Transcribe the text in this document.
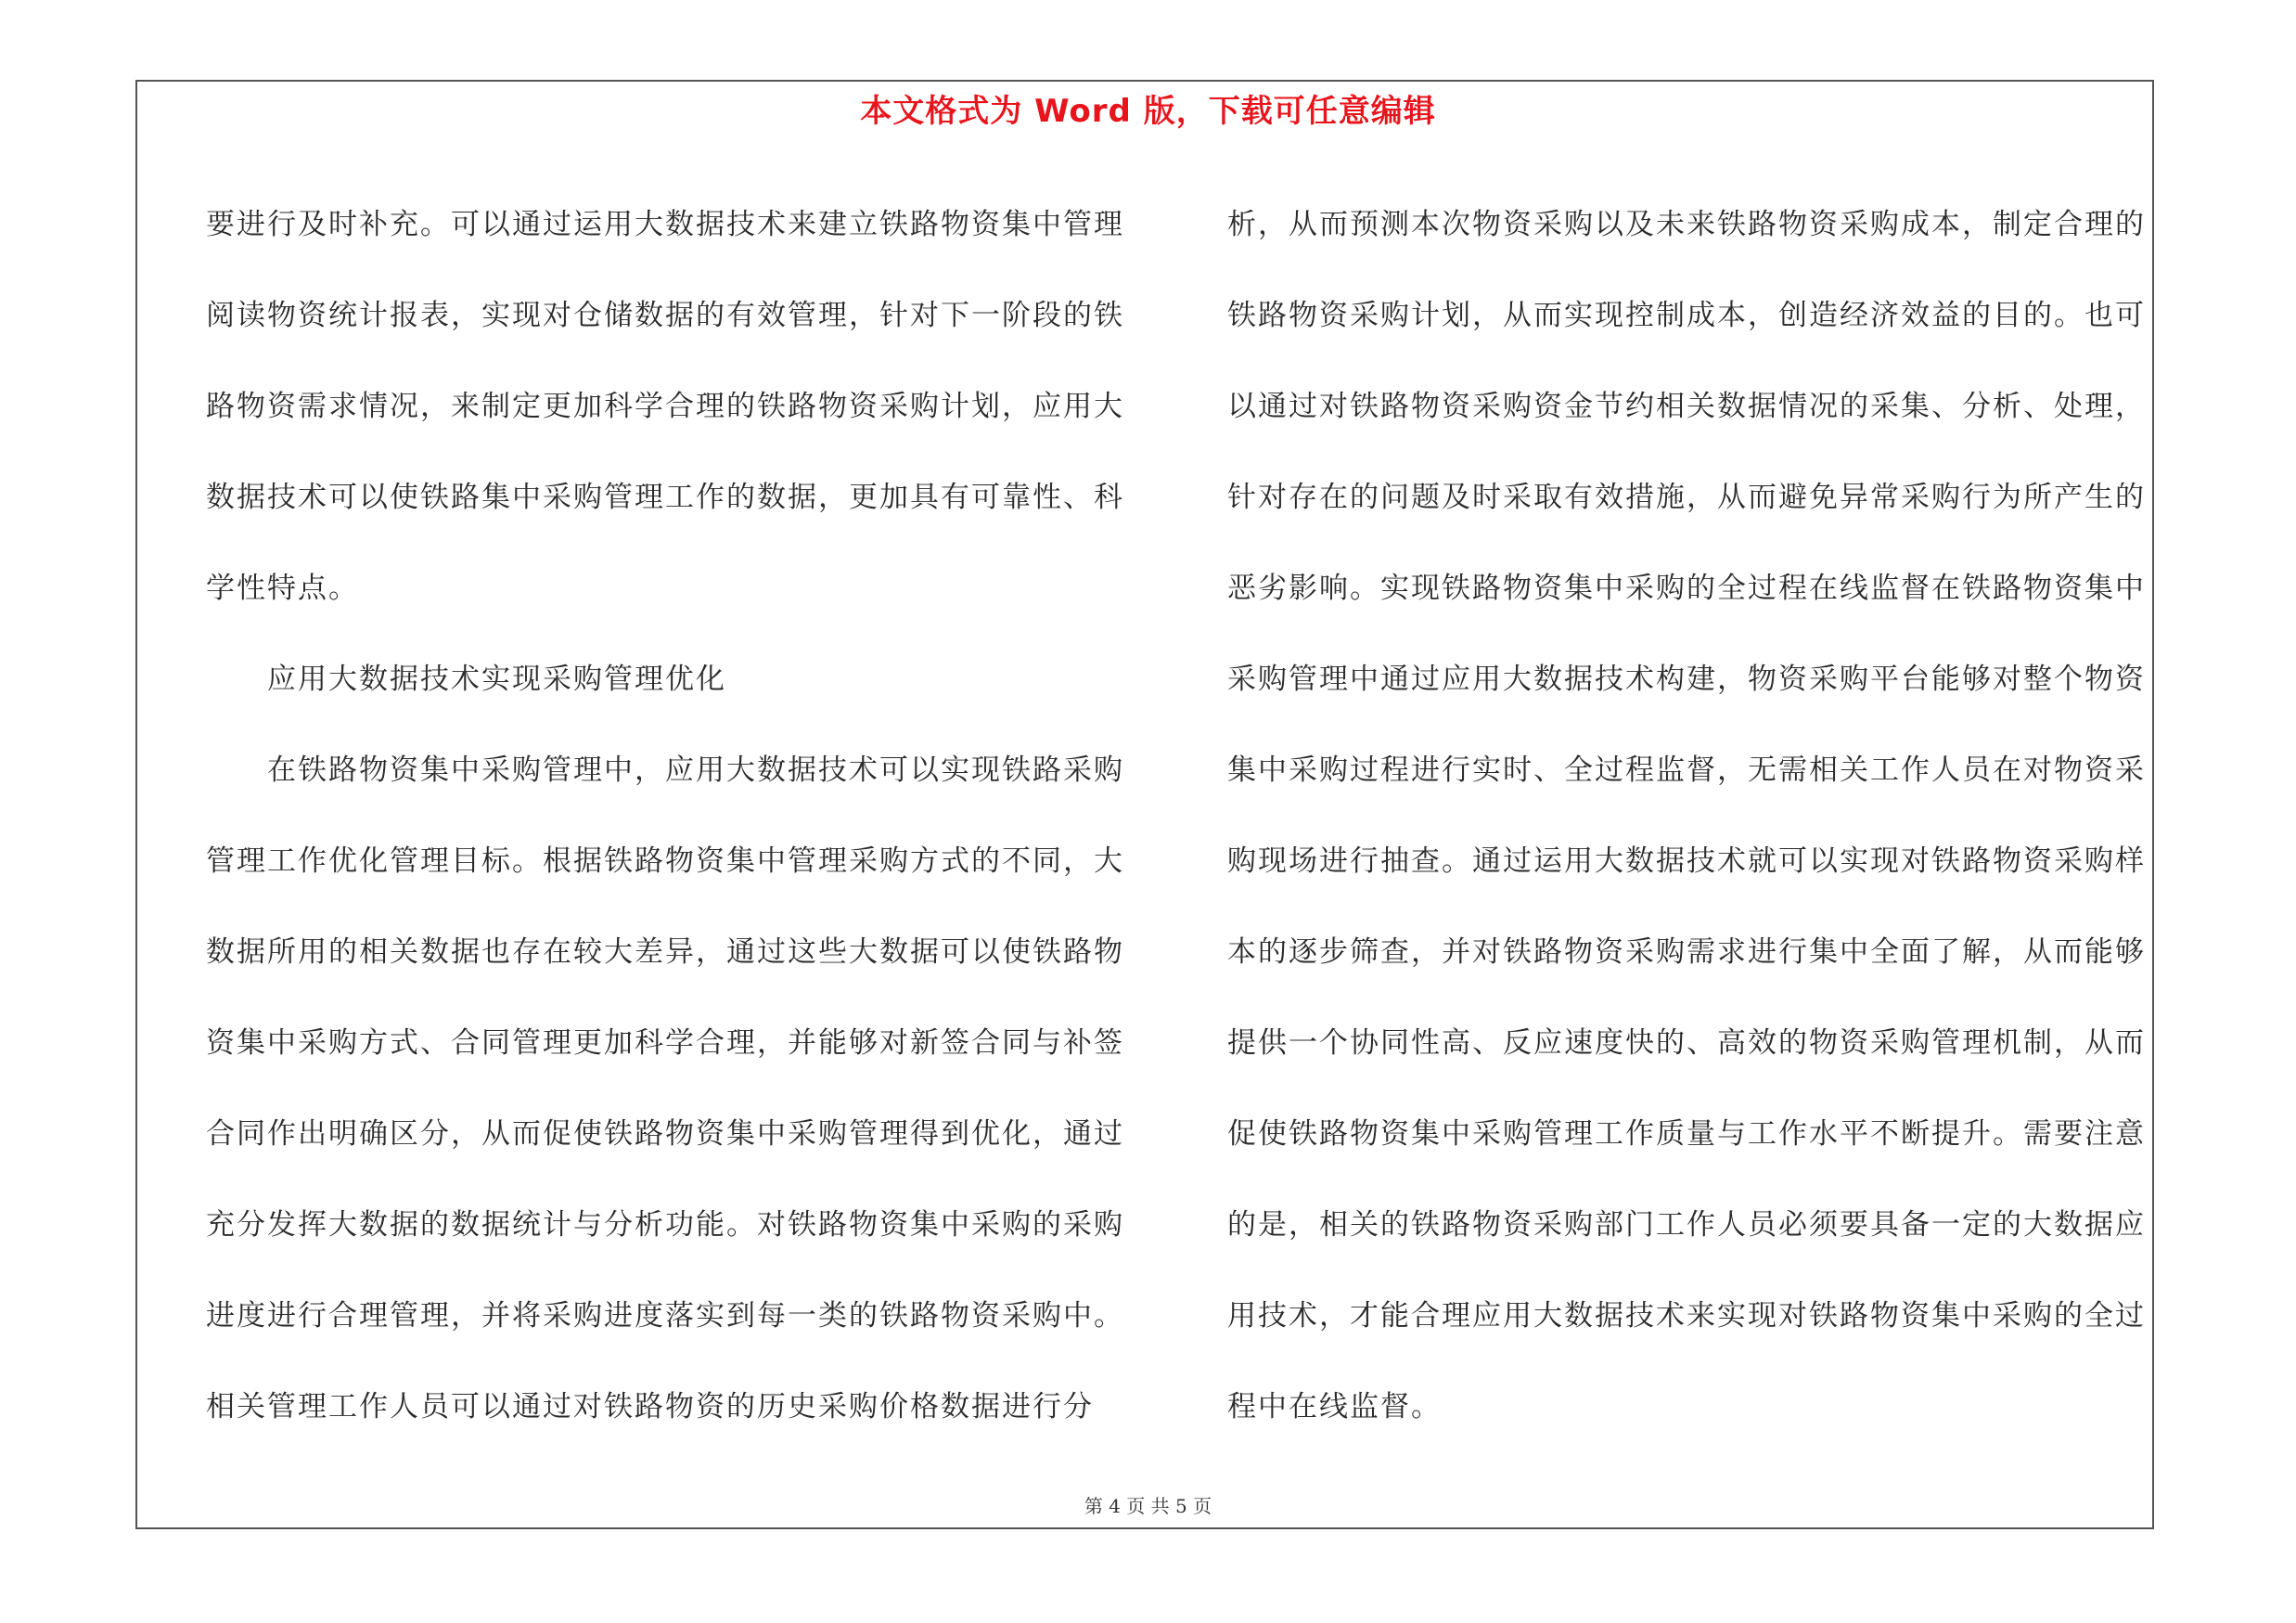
本文格式为 Word 版，下载可任意编辑
要进行及时补充。可以通过运用大数据技术来建立铁路物资集中管理
阅读物资统计报表，实现对仓储数据的有效管理，针对下一阶段的铁
路物资需求情况，来制定更加科学合理的铁路物资采购计划，应用大
数据技术可以使铁路集中采购管理工作的数据，更加具有可靠性、科
学性特点。
应用大数据技术实现采购管理优化
在铁路物资集中采购管理中，应用大数据技术可以实现铁路采购
管理工作优化管理目标。根据铁路物资集中管理采购方式的不同，大
数据所用的相关数据也存在较大差异，通过这些大数据可以使铁路物
资集中采购方式、合同管理更加科学合理，并能够对新签合同与补签
合同作出明确区分，从而促使铁路物资集中采购管理得到优化，通过
充分发挥大数据的数据统计与分析功能。对铁路物资集中采购的采购
进度进行合理管理，并将采购进度落实到每一类的铁路物资采购中。
相关管理工作人员可以通过对铁路物资的历史采购价格数据进行分
析，从而预测本次物资采购以及未来铁路物资采购成本，制定合理的
铁路物资采购计划，从而实现控制成本，创造经济效益的目的。也可
以通过对铁路物资采购资金节约相关数据情况的采集、分析、处理，
针对存在的问题及时采取有效措施，从而避免异常采购行为所产生的
恶劣影响。实现铁路物资集中采购的全过程在线监督在铁路物资集中
采购管理中通过应用大数据技术构建，物资采购平台能够对整个物资
集中采购过程进行实时、全过程监督，无需相关工作人员在对物资采
购现场进行抽查。通过运用大数据技术就可以实现对铁路物资采购样
本的逐步筛查，并对铁路物资采购需求进行集中全面了解，从而能够
提供一个协同性高、反应速度快的、高效的物资采购管理机制，从而
促使铁路物资集中采购管理工作质量与工作水平不断提升。需要注意
的是，相关的铁路物资采购部门工作人员必须要具备一定的大数据应
用技术，才能合理应用大数据技术来实现对铁路物资集中采购的全过
程中在线监督。
第 4 页 共 5 页
